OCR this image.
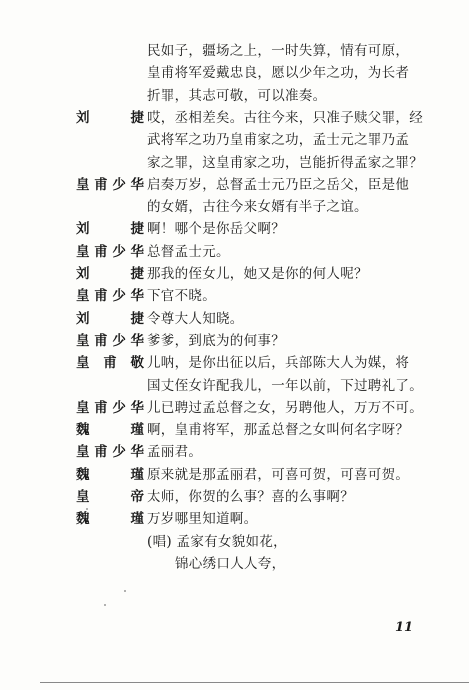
民如子，疆场之上，一时失算，情有可原，
皇甫将军爱戴忠良，愿以少年之功，为长者
折罪，其志可敬，可以准奏。
刘	捷 哎，丞相差矣。古往今来，只准子赎父罪，经
武将军之功乃皇甫家之功，孟士元之罪乃孟
家之罪，这皇甫家之功，岂能折得孟家之罪？
皇 甫 少 华 启奏万岁，总督孟士元乃臣之岳父，臣是他
的女婿，古往今来女婿有半子之谊。
刘	捷 啊！哪个是你岳父啊？
皇 甫 少 华 总督孟士元。
刘	捷 那我的侄女儿，她又是你的何人呢？
皇 甫 少 华 下官不晓。
刘	捷 令尊大人知晓。
皇 甫 少 华 爹爹，到底为的何事？
皇 甫 敬 儿呐，是你出征以后，兵部陈大人为媒，将
国丈侄女许配我儿，一年以前，下过聘礼了。
皇 甫 少 华 儿已聘过孟总督之女，另聘他人，万万不可。
魏	瑾 啊，皇甫将军，那孟总督之女叫何名字呀？
皇 甫 少 华 孟丽君。
魏	瑾 原来就是那孟丽君，可喜可贺，可喜可贺。
皇	帝 太师，你贺的么事？喜的么事啊？
魏	瑾 万岁哪里知道啊。
(唱) 孟家有女貌如花，
锦心绣口人人夸，
11
